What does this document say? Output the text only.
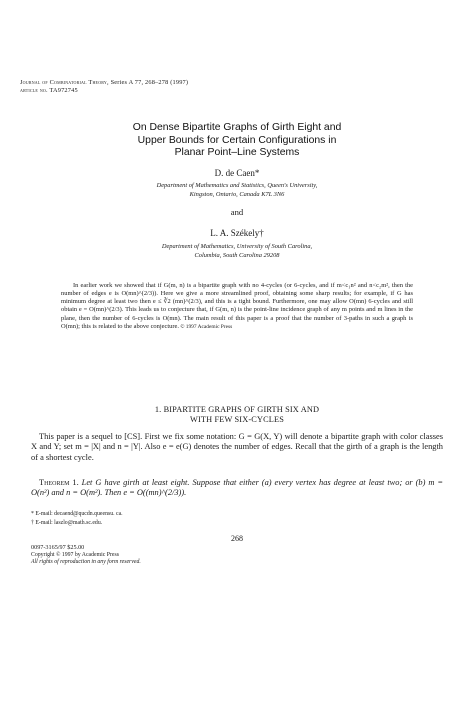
Journal of Combinatorial Theory, Series A 77, 268–278 (1997)
article no. TA972745
On Dense Bipartite Graphs of Girth Eight and
Upper Bounds for Certain Configurations in
Planar Point–Line Systems
D. de Caen*
Department of Mathematics and Statistics, Queen's University,
Kingston, Ontario, Canada K7L 3N6
and
L. A. Székely†
Department of Mathematics, University of South Carolina,
Columbia, South Carolina 29208
In earlier work we showed that if G(m, n) is a bipartite graph with no 4-cycles (or 6-cycles, and if m<c₁n² and n<c₂m², then the number of edges e is O(mn)^(2/3)). Here we give a more streamlined proof, obtaining some sharp results; for example, if G has minimum degree at least two then e ≤ ∛2 (mn)^(2/3), and this is a tight bound. Furthermore, one may allow O(mn) 6-cycles and still obtain e = O(mn)^(2/3). This leads us to conjecture that, if G(m, n) is the point-line incidence graph of any m points and m lines in the plane, then the number of 6-cycles is O(mn). The main result of this paper is a proof that the number of 3-paths in such a graph is O(mn); this is related to the above conjecture. © 1997 Academic Press
1. BIPARTITE GRAPHS OF GIRTH SIX AND
WITH FEW SIX-CYCLES
This paper is a sequel to [CS]. First we fix some notation: G = G(X, Y) will denote a bipartite graph with color classes X and Y; set m = |X| and n = |Y|. Also e = e(G) denotes the number of edges. Recall that the girth of a graph is the length of a shortest cycle.
Theorem 1. Let G have girth at least eight. Suppose that either (a) every vertex has degree at least two; or (b) m = O(n²) and n = O(m²). Then e = O((mn)^(2/3)).
* E-mail: decaend@qucdn.queensu. ca.
† E-mail: laszlo@math.sc.edu.
268
0097-3165/97 $25.00
Copyright © 1997 by Academic Press
All rights of reproduction in any form reserved.
